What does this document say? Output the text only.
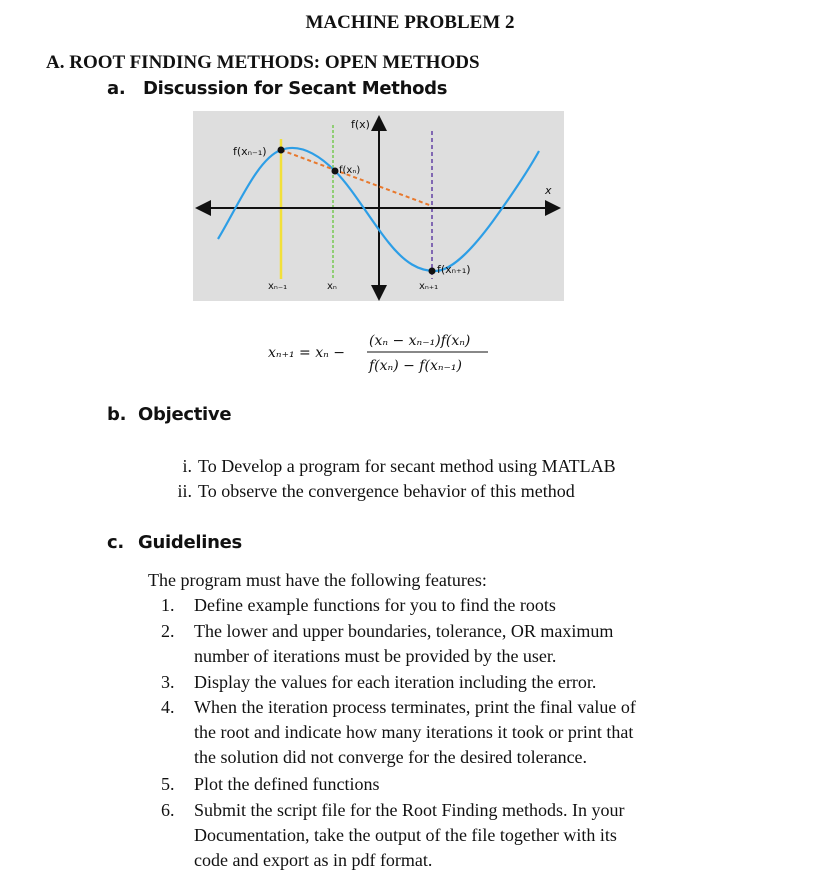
MACHINE PROBLEM 2
A. ROOT FINDING METHODS: OPEN METHODS
a. Discussion for Secant Methods
f(x)
x
f(xₙ₋₁)
f(xₙ)
f(xₙ₊₁)
xₙ₋₁	xₙ	xₙ₊₁
xₙ₊₁ = xₙ −
(xₙ − xₙ₋₁)f(xₙ)
f(xₙ) − f(xₙ₋₁)
b. Objective
i. To Develop a program for secant method using MATLAB
ii. To observe the convergence behavior of this method
c. Guidelines
The program must have the following features:
1. Define example functions for you to find the roots
2. The lower and upper boundaries, tolerance, OR maximum
number of iterations must be provided by the user.
3. Display the values for each iteration including the error.
4. When the iteration process terminates, print the final value of
the root and indicate how many iterations it took or print that
the solution did not converge for the desired tolerance.
5. Plot the defined functions
6. Submit the script file for the Root Finding methods. In your
Documentation, take the output of the file together with its
code and export as in pdf format.
